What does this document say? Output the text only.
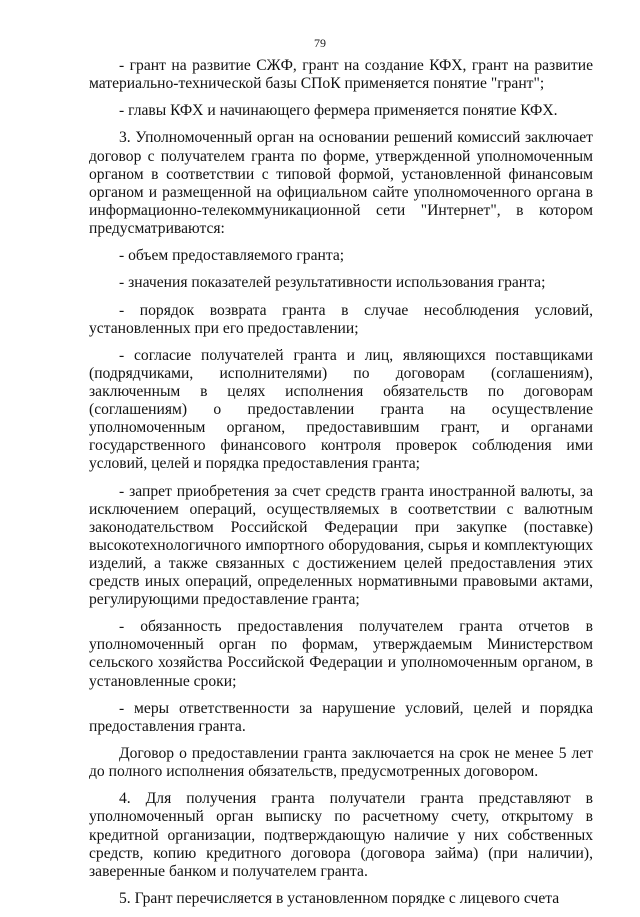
79

- грант на развитие СЖФ, грант на создание КФХ, грант на развитие материально-технической базы СПоК применяется понятие "грант";

- главы КФХ и начинающего фермера применяется понятие КФХ.

3. Уполномоченный орган на основании решений комиссий заключает договор с получателем гранта по форме, утвержденной уполномоченным органом в соответствии с типовой формой, установленной финансовым органом и размещенной на официальном сайте уполномоченного органа в информационно-телекоммуникационной сети "Интернет", в котором предусматриваются:

- объем предоставляемого гранта;

- значения показателей результативности использования гранта;

- порядок возврата гранта в случае несоблюдения условий, установленных при его предоставлении;

- согласие получателей гранта и лиц, являющихся поставщиками (подрядчиками, исполнителями) по договорам (соглашениям), заключенным в целях исполнения обязательств по договорам (соглашениям) о предоставлении гранта на осуществление уполномоченным органом, предоставившим грант, и органами государственного финансового контроля проверок соблюдения ими условий, целей и порядка предоставления гранта;

- запрет приобретения за счет средств гранта иностранной валюты, за исключением операций, осуществляемых в соответствии с валютным законодательством Российской Федерации при закупке (поставке) высокотехнологичного импортного оборудования, сырья и комплектующих изделий, а также связанных с достижением целей предоставления этих средств иных операций, определенных нормативными правовыми актами, регулирующими предоставление гранта;

- обязанность предоставления получателем гранта отчетов в уполномоченный орган по формам, утверждаемым Министерством сельского хозяйства Российской Федерации и уполномоченным органом, в установленные сроки;

- меры ответственности за нарушение условий, целей и порядка предоставления гранта.

Договор о предоставлении гранта заключается на срок не менее 5 лет до полного исполнения обязательств, предусмотренных договором.

4. Для получения гранта получатели гранта представляют в уполномоченный орган выписку по расчетному счету, открытому в кредитной организации, подтверждающую наличие у них собственных средств, копию кредитного договора (договора займа) (при наличии), заверенные банком и получателем гранта.

5. Грант перечисляется в установленном порядке с лицевого счета
